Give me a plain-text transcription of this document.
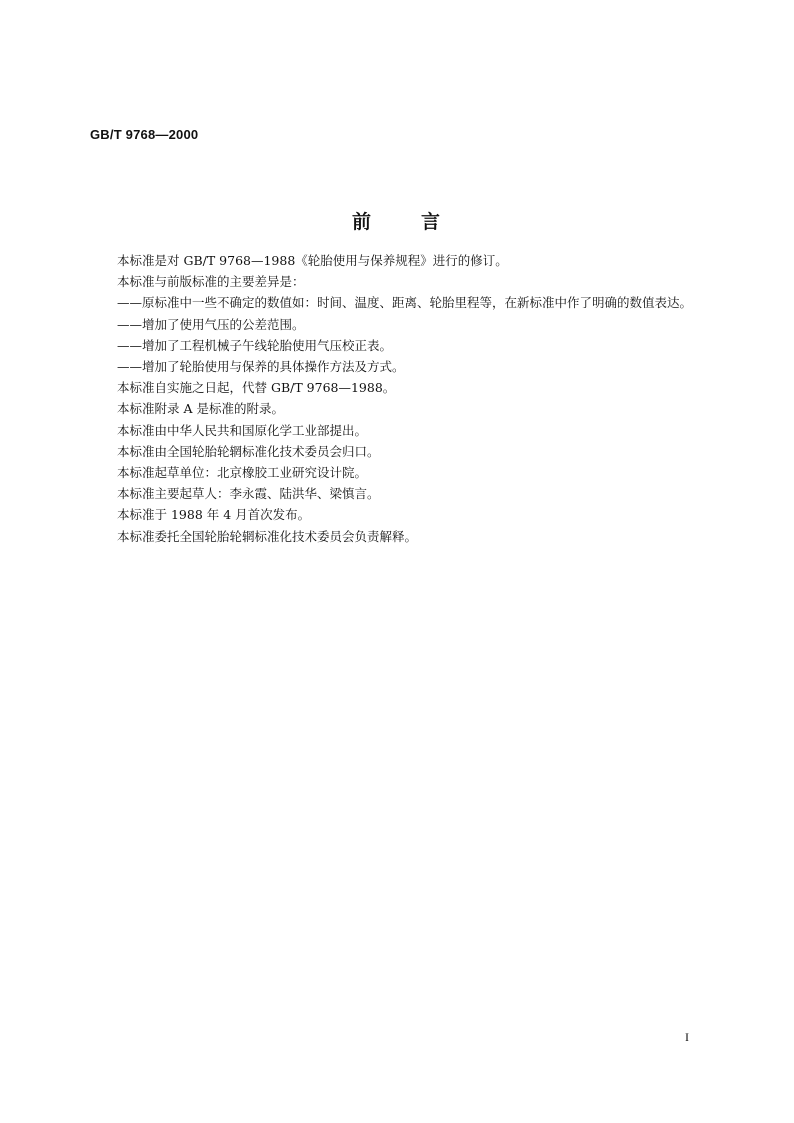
GB/T 9768—2000
前	言

本标准是对 GB/T 9768—1988《轮胎使用与保养规程》进行的修订。

本标准与前版标准的主要差异是：

——原标准中一些不确定的数值如：时间、温度、距离、轮胎里程等，在新标准中作了明确的数值表达。

——增加了使用气压的公差范围。

——增加了工程机械子午线轮胎使用气压校正表。

——增加了轮胎使用与保养的具体操作方法及方式。

本标准自实施之日起，代替 GB/T 9768—1988。

本标准附录 A 是标准的附录。

本标准由中华人民共和国原化学工业部提出。

本标准由全国轮胎轮辋标准化技术委员会归口。

本标准起草单位：北京橡胶工业研究设计院。

本标准主要起草人：李永霞、陆洪华、梁慎言。

本标准于 1988 年 4 月首次发布。

本标准委托全国轮胎轮辋标准化技术委员会负责解释。

I
